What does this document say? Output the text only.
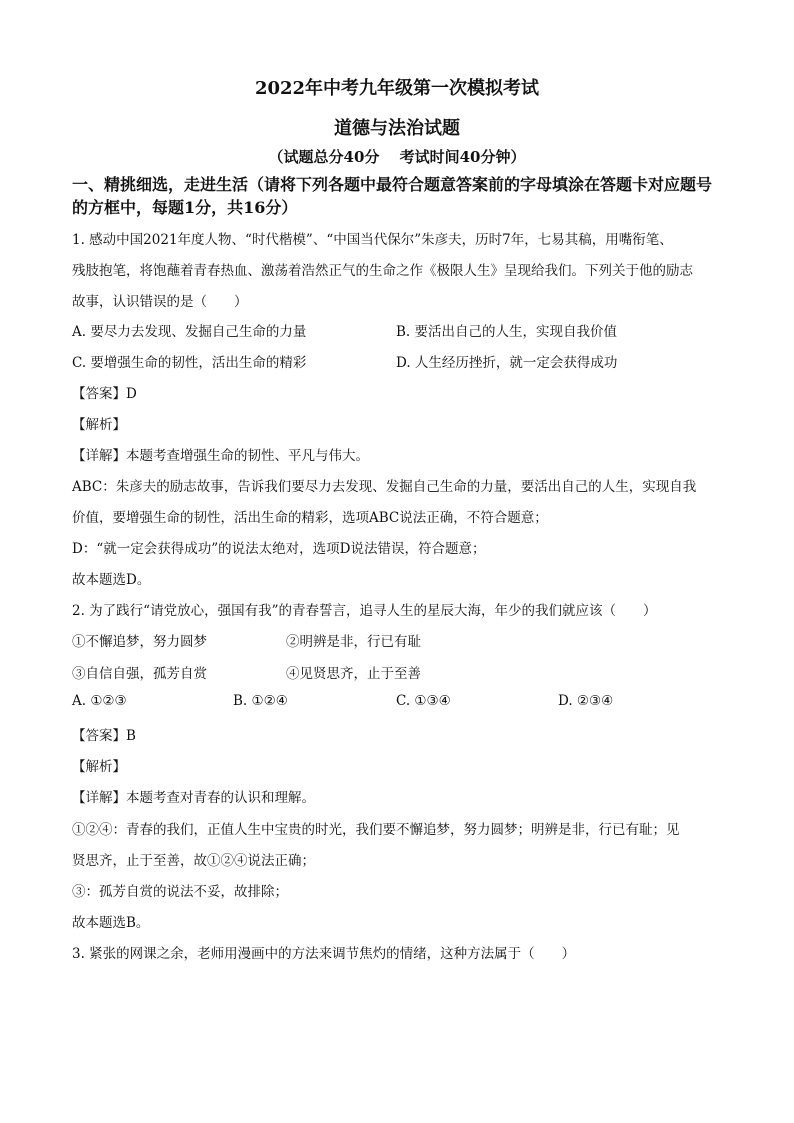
2022年中考九年级第一次模拟考试
道德与法治试题
（试题总分40分　 考试时间40分钟）
一、精挑细选，走进生活（请将下列各题中最符合题意答案前的字母填涂在答题卡对应题号
的方框中，每题1分，共16分）
1. 感动中国2021年度人物、“时代楷模”、“中国当代保尔”朱彦夫，历时7年，七易其稿，用嘴衔笔、
残肢抱笔，将饱蘸着青春热血、激荡着浩然正气的生命之作《极限人生》呈现给我们。下列关于他的励志
故事，认识错误的是（　　）
A. 要尽力去发现、发掘自己生命的力量	B. 要活出自己的人生，实现自我价值
C. 要增强生命的韧性，活出生命的精彩	D. 人生经历挫折，就一定会获得成功
【答案】D
【解析】
【详解】本题考查增强生命的韧性、平凡与伟大。
ABC：朱彦夫的励志故事，告诉我们要尽力去发现、发掘自己生命的力量，要活出自己的人生，实现自我
价值，要增强生命的韧性，活出生命的精彩，选项ABC说法正确，不符合题意；
D：“就一定会获得成功”的说法太绝对，选项D说法错误，符合题意；
故本题选D。
2. 为了践行“请党放心，强国有我”的青春誓言，追寻人生的星辰大海，年少的我们就应该（　　）
①不懈追梦，努力圆梦	②明辨是非，行已有耻
③自信自强，孤芳自赏	④见贤思齐，止于至善
A. ①②③	B. ①②④	C. ①③④	D. ②③④
【答案】B
【解析】
【详解】本题考查对青春的认识和理解。
①②④：青春的我们，正值人生中宝贵的时光，我们要不懈追梦，努力圆梦；明辨是非，行已有耻；见
贤思齐，止于至善，故①②④说法正确；
③：孤芳自赏的说法不妥，故排除；
故本题选B。
3. 紧张的网课之余，老师用漫画中的方法来调节焦灼的情绪，这种方法属于（　　）
